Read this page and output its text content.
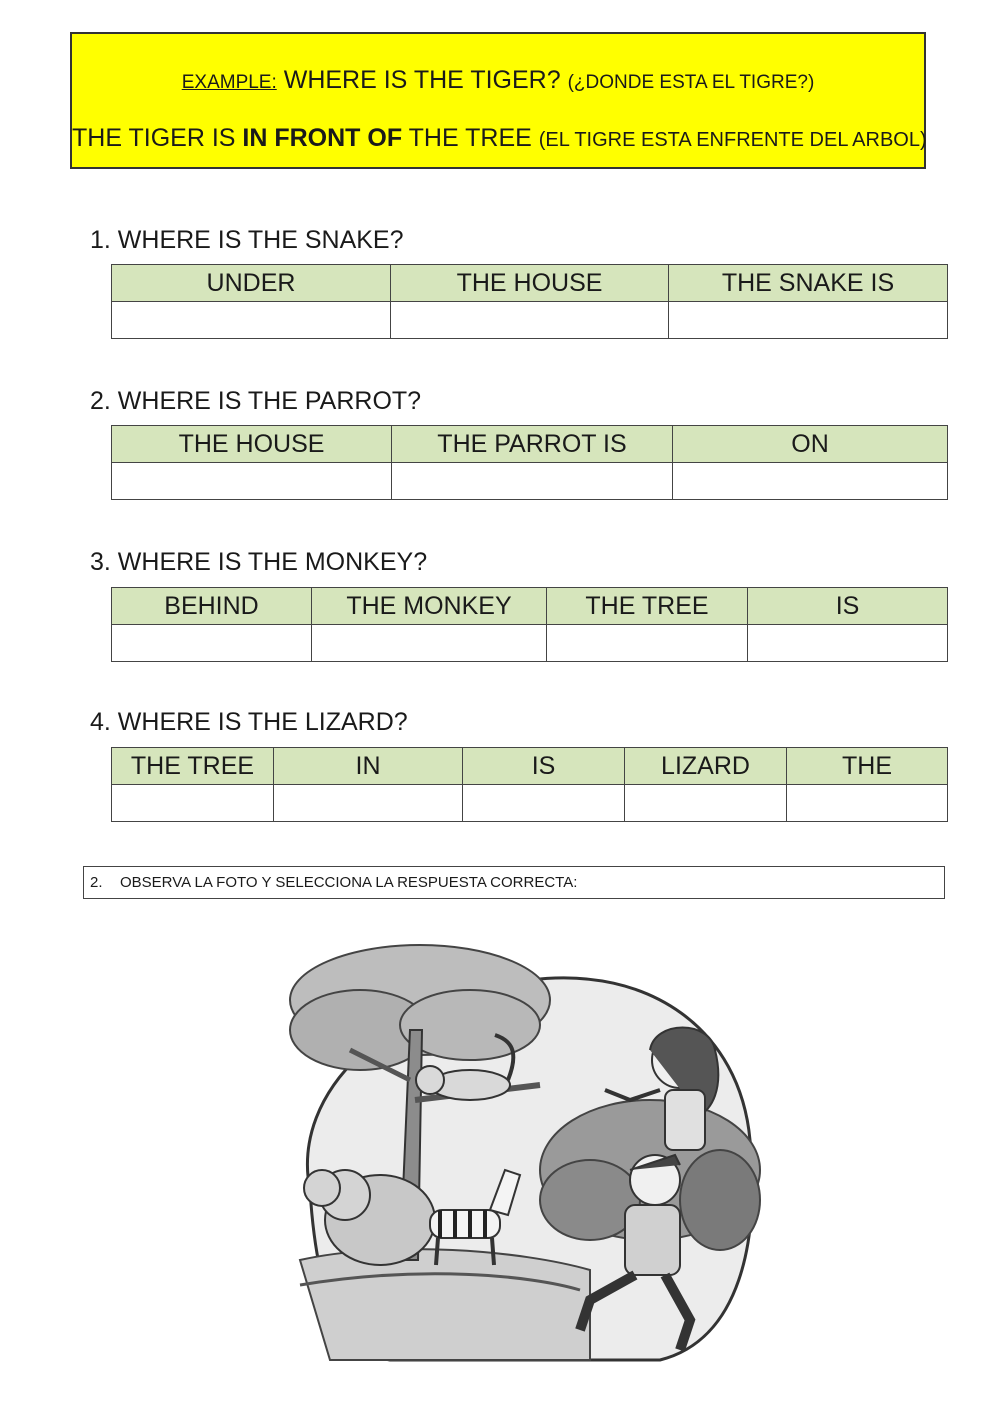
EXAMPLE: WHERE IS THE TIGER? (¿DONDE ESTA EL TIGRE?)
THE TIGER IS IN FRONT OF THE TREE (EL TIGRE ESTA ENFRENTE DEL ARBOL)
1. WHERE IS THE SNAKE?
UNDER	THE HOUSE	THE SNAKE IS

2. WHERE IS THE PARROT?
THE HOUSE	THE PARROT IS	ON

3. WHERE IS THE MONKEY?
BEHIND	THE MONKEY	THE TREE	IS

4. WHERE IS THE LIZARD?
THE TREE	IN	IS	LIZARD	THE

2. OBSERVA LA FOTO Y SELECCIONA LA RESPUESTA CORRECTA:
